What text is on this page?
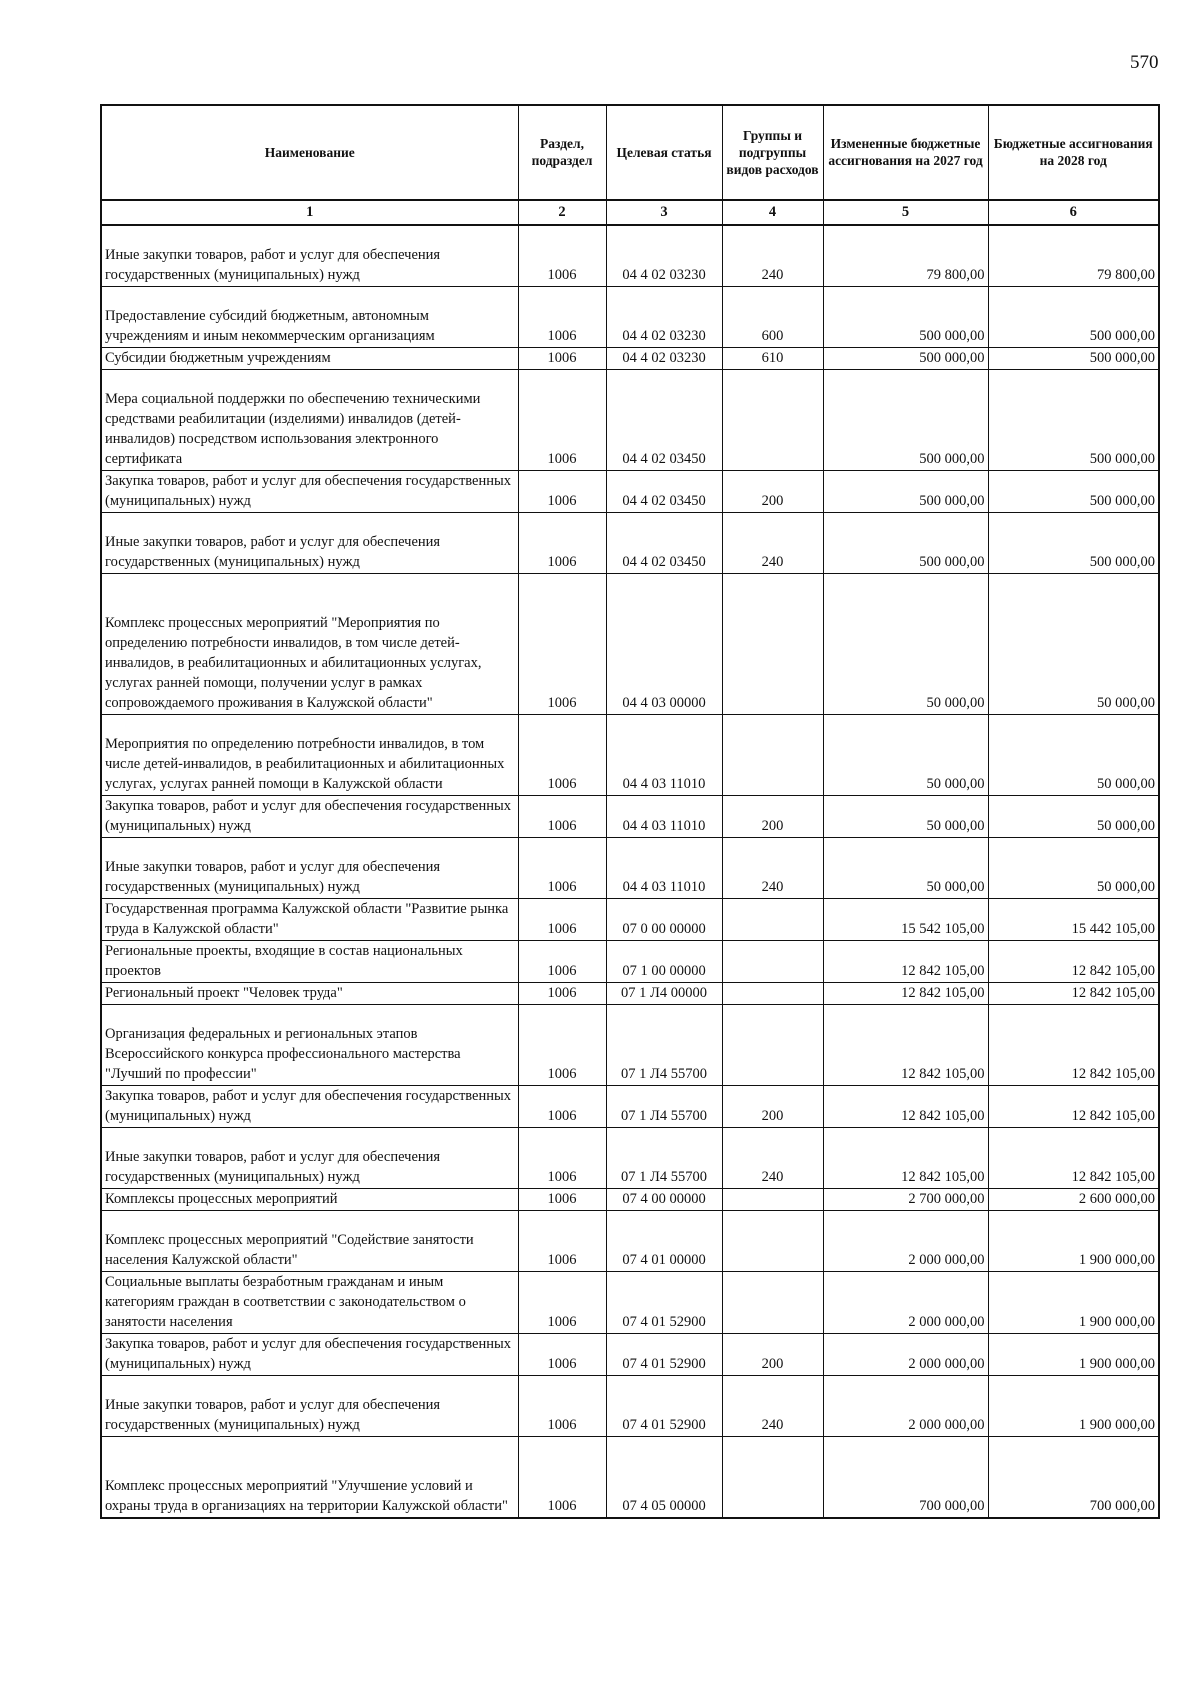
570
Наименование	Раздел, подраздел	Целевая статья	Группы и подгруппы видов расходов	Измененные бюджетные ассигнования на 2027 год	Бюджетные ассигнования на 2028 год
1	2	3	4	5	6
Иные закупки товаров, работ и услуг для обеспечения государственных (муниципальных) нужд	1006	04 4 02 03230	240	79 800,00	79 800,00
Предоставление субсидий бюджетным, автономным учреждениям и иным некоммерческим организациям	1006	04 4 02 03230	600	500 000,00	500 000,00
Субсидии бюджетным учреждениям	1006	04 4 02 03230	610	500 000,00	500 000,00
Мера социальной поддержки по обеспечению техническими средствами реабилитации (изделиями) инвалидов (детей-инвалидов) посредством использования электронного сертификата	1006	04 4 02 03450		500 000,00	500 000,00
Закупка товаров, работ и услуг для обеспечения государственных (муниципальных) нужд	1006	04 4 02 03450	200	500 000,00	500 000,00
Иные закупки товаров, работ и услуг для обеспечения государственных (муниципальных) нужд	1006	04 4 02 03450	240	500 000,00	500 000,00
Комплекс процессных мероприятий "Мероприятия по определению потребности инвалидов, в том числе детей-инвалидов, в реабилитационных и абилитационных услугах, услугах ранней помощи, получении услуг в рамках сопровождаемого проживания в Калужской области"	1006	04 4 03 00000		50 000,00	50 000,00
Мероприятия по определению потребности инвалидов, в том числе детей-инвалидов, в реабилитационных и абилитационных услугах, услугах ранней помощи в Калужской области	1006	04 4 03 11010		50 000,00	50 000,00
Закупка товаров, работ и услуг для обеспечения государственных (муниципальных) нужд	1006	04 4 03 11010	200	50 000,00	50 000,00
Иные закупки товаров, работ и услуг для обеспечения государственных (муниципальных) нужд	1006	04 4 03 11010	240	50 000,00	50 000,00
Государственная программа Калужской области "Развитие рынка труда в Калужской области"	1006	07 0 00 00000		15 542 105,00	15 442 105,00
Региональные проекты, входящие в состав национальных проектов	1006	07 1 00 00000		12 842 105,00	12 842 105,00
Региональный проект "Человек труда"	1006	07 1 Л4 00000		12 842 105,00	12 842 105,00
Организация федеральных и региональных этапов Всероссийского конкурса профессионального мастерства "Лучший по профессии"	1006	07 1 Л4 55700		12 842 105,00	12 842 105,00
Закупка товаров, работ и услуг для обеспечения государственных (муниципальных) нужд	1006	07 1 Л4 55700	200	12 842 105,00	12 842 105,00
Иные закупки товаров, работ и услуг для обеспечения государственных (муниципальных) нужд	1006	07 1 Л4 55700	240	12 842 105,00	12 842 105,00
Комплексы процессных мероприятий	1006	07 4 00 00000		2 700 000,00	2 600 000,00
Комплекс процессных мероприятий "Содействие занятости населения Калужской области"	1006	07 4 01 00000		2 000 000,00	1 900 000,00
Социальные выплаты безработным гражданам и иным категориям граждан в соответствии с законодательством о занятости населения	1006	07 4 01 52900		2 000 000,00	1 900 000,00
Закупка товаров, работ и услуг для обеспечения государственных (муниципальных) нужд	1006	07 4 01 52900	200	2 000 000,00	1 900 000,00
Иные закупки товаров, работ и услуг для обеспечения государственных (муниципальных) нужд	1006	07 4 01 52900	240	2 000 000,00	1 900 000,00
Комплекс процессных мероприятий "Улучшение условий и охраны труда в организациях на территории Калужской области"	1006	07 4 05 00000		700 000,00	700 000,00
